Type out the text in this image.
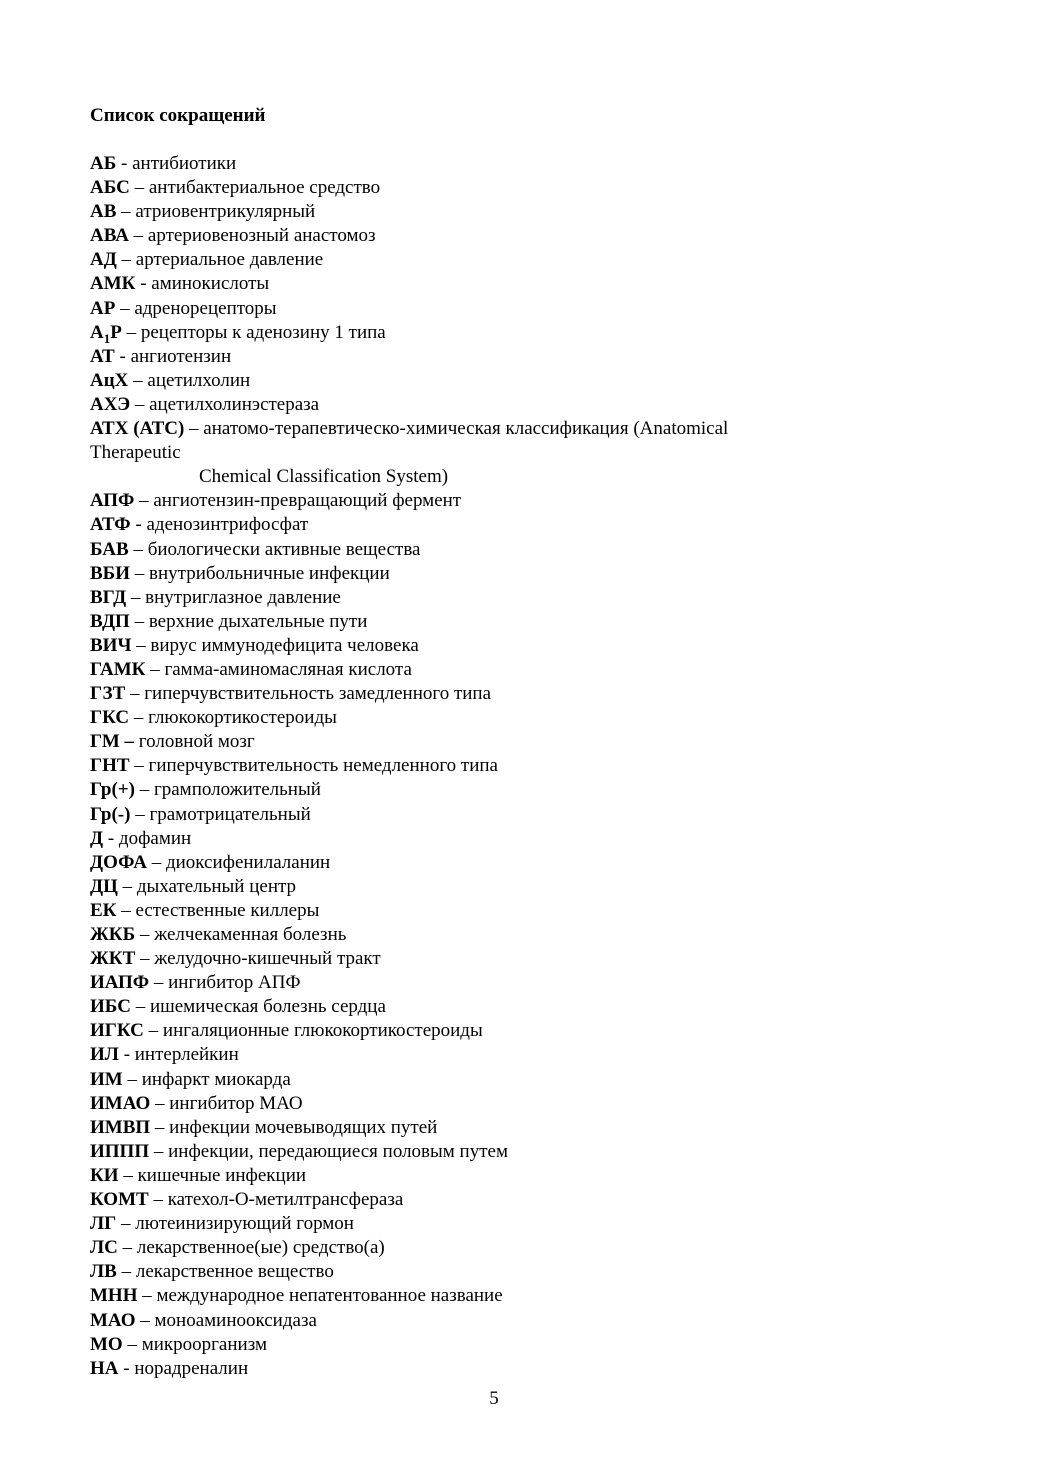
Список сокращений
АБ - антибиотики
АБС – антибактериальное средство
АВ – атриовентрикулярный
АВА – артериовенозный анастомоз
АД – артериальное давление
АМК - аминокислоты
АР – адренорецепторы
$А_1Р$ – рецепторы к аденозину 1 типа
АТ - ангиотензин
АцХ – ацетилхолин
АХЭ – ацетилхолинэстераза
АТХ (АТС) – анатомо-терапевтическо-химическая классификация (Anatomical
Therapeutic
Chemical Classification System)
АПФ – ангиотензин-превращающий фермент
АТФ - аденозинтрифосфат
БАВ – биологически активные вещества
ВБИ – внутрибольничные инфекции
ВГД – внутриглазное давление
ВДП – верхние дыхательные пути
ВИЧ – вирус иммунодефицита человека
ГАМК – гамма-аминомасляная кислота
ГЗТ – гиперчувствительность замедленного типа
ГКС – глюкокортикостероиды
ГМ – головной мозг
ГНТ – гиперчувствительность немедленного типа
Гр(+) – грамположительный
Гр(-) – грамотрицательный
Д - дофамин
ДОФА – диоксифенилаланин
ДЦ – дыхательный центр
ЕК – естественные киллеры
ЖКБ – желчекаменная болезнь
ЖКТ – желудочно-кишечный тракт
ИАПФ – ингибитор АПФ
ИБС – ишемическая болезнь сердца
ИГКС – ингаляционные глюкокортикостероиды
ИЛ - интерлейкин
ИМ – инфаркт миокарда
ИМАО – ингибитор МАО
ИМВП – инфекции мочевыводящих путей
ИППП – инфекции, передающиеся половым путем
КИ – кишечные инфекции
КОМТ – катехол-О-метилтрансфераза
ЛГ – лютеинизирующий гормон
ЛС – лекарственное(ые) средство(а)
ЛВ – лекарственное вещество
МНН – международное непатентованное название
МАО – моноаминооксидаза
МО – микроорганизм
НА - норадреналин
5
